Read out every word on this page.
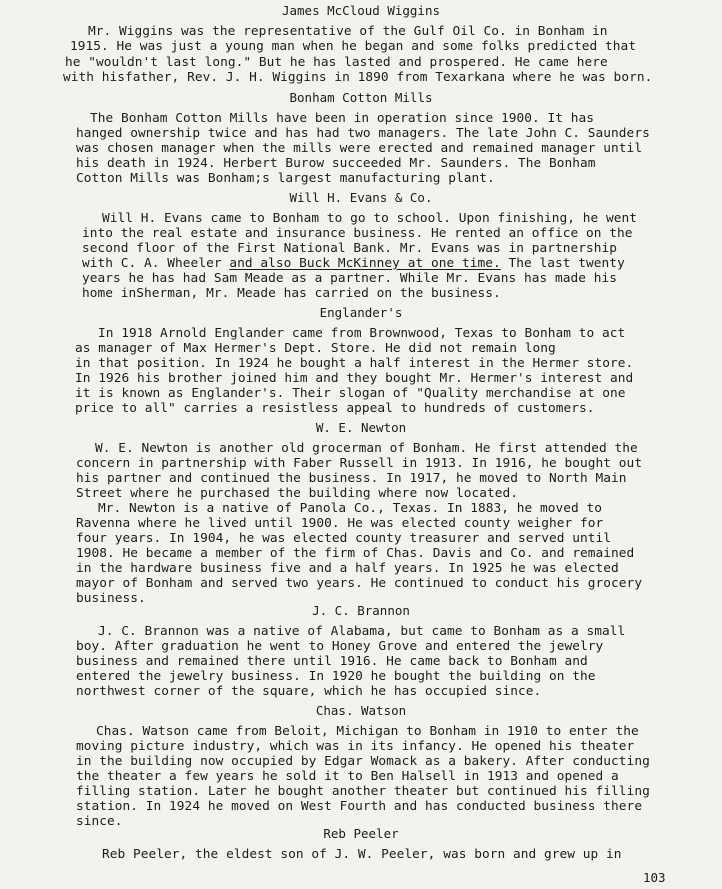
James McCloud Wiggins
Mr. Wiggins was the representative of the Gulf Oil Co. in Bonham in
1915. He was just a young man when he began and some folks predicted that
he "wouldn't last long." But he has lasted and prospered. He came here
with hisfather, Rev. J. H. Wiggins in 1890 from Texarkana where he was born.
Bonham Cotton Mills
The Bonham Cotton Mills have been in operation since 1900. It has
hanged ownership twice and has had two managers. The late John C. Saunders
was chosen manager when the mills were erected and remained manager until
his death in 1924. Herbert Burow succeeded Mr. Saunders. The Bonham
Cotton Mills was Bonham;s largest manufacturing plant.
Will H. Evans & Co.
Will H. Evans came to Bonham to go to school. Upon finishing, he went
into the real estate and insurance business. He rented an office on the
second floor of the First National Bank. Mr. Evans was in partnership
with C. A. Wheeler and also Buck McKinney at one time. The last twenty
years he has had Sam Meade as a partner. While Mr. Evans has made his
home inSherman, Mr. Meade has carried on the business.
Englander's
In 1918 Arnold Englander came from Brownwood, Texas to Bonham to act
as manager of Max Hermer's Dept. Store. He did not remain long
in that position. In 1924 he bought a half interest in the Hermer store.
In 1926 his brother joined him and they bought Mr. Hermer's interest and
it is known as Englander's. Their slogan of "Quality merchandise at one
price to all" carries a resistless appeal to hundreds of customers.
W. E. Newton
W. E. Newton is another old grocerman of Bonham. He first attended the
concern in partnership with Faber Russell in 1913. In 1916, he bought out
his partner and continued the business. In 1917, he moved to North Main
Street where he purchased the building where now located.
Mr. Newton is a native of Panola Co., Texas. In 1883, he moved to
Ravenna where he lived until 1900. He was elected county weigher for
four years. In 1904, he was elected county treasurer and served until
1908. He became a member of the firm of Chas. Davis and Co. and remained
in the hardware business five and a half years. In 1925 he was elected
mayor of Bonham and served two years. He continued to conduct his grocery
business.
J. C. Brannon
J. C. Brannon was a native of Alabama, but came to Bonham as a small
boy. After graduation he went to Honey Grove and entered the jewelry
business and remained there until 1916. He came back to Bonham and
entered the jewelry business. In 1920 he bought the building on the
northwest corner of the square, which he has occupied since.
Chas. Watson
Chas. Watson came from Beloit, Michigan to Bonham in 1910 to enter the
moving picture industry, which was in its infancy. He opened his theater
in the building now occupied by Edgar Womack as a bakery. After conducting
the theater a few years he sold it to Ben Halsell in 1913 and opened a
filling station. Later he bought another theater but continued his filling
station. In 1924 he moved on West Fourth and has conducted business there
since.
Reb Peeler
Reb Peeler, the eldest son of J. W. Peeler, was born and grew up in
103
